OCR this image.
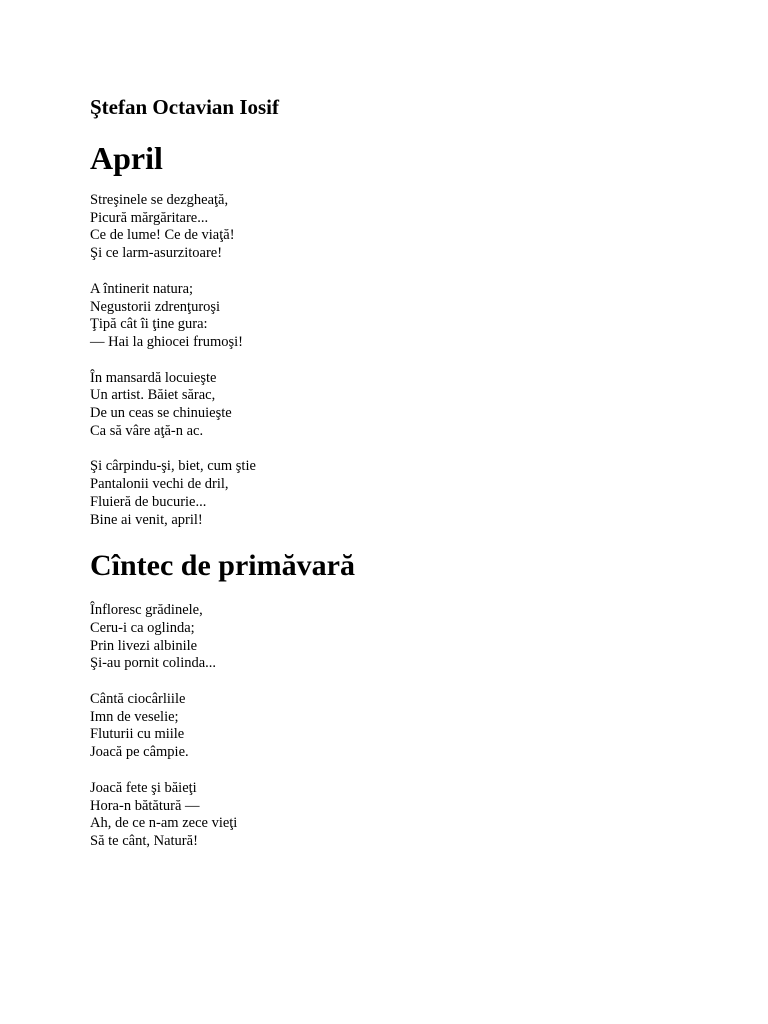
Ştefan Octavian Iosif
April

Streşinele se dezgheaţă,

Picură mărgăritare...

Ce de lume! Ce de viaţă!

Şi ce larm-asurzitoare!

A întinerit natura;

Negustorii zdrenţuroşi

Ţipă cât îi ţine gura:

— Hai la ghiocei frumoşi!

În mansardă locuieşte

Un artist. Băiet sărac,

De un ceas se chinuieşte

Ca să vâre aţă-n ac.

Şi cârpindu-şi, biet, cum ştie

Pantalonii vechi de dril,

Fluieră de bucurie...

Bine ai venit, april!

Cîntec de primăvară

Înfloresc grădinele,

Ceru-i ca oglinda;

Prin livezi albinile

Şi-au pornit colinda...

Cântă ciocârliile

Imn de veselie;

Fluturii cu miile

Joacă pe câmpie.

Joacă fete şi băieţi

Hora-n bătătură —

Ah, de ce n-am zece vieţi

Să te cânt, Natură!
